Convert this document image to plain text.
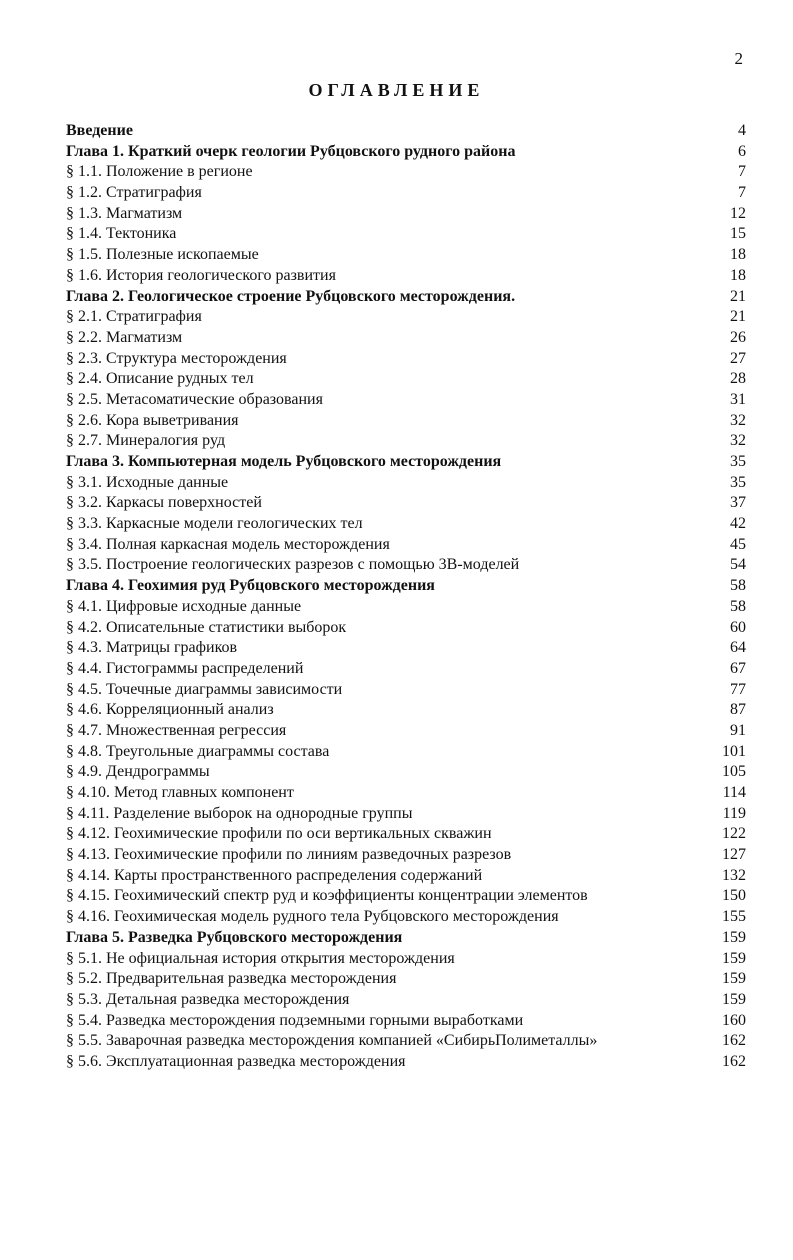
2
ОГЛАВЛЕНИЕ
Введение	4
Глава 1. Краткий очерк геологии Рубцовского рудного района	6
§ 1.1. Положение в регионе	7
§ 1.2. Стратиграфия	7
§ 1.3. Магматизм	12
§ 1.4. Тектоника	15
§ 1.5. Полезные ископаемые	18
§ 1.6. История геологического развития	18
Глава 2. Геологическое строение Рубцовского месторождения.	21
§ 2.1. Стратиграфия	21
§ 2.2. Магматизм	26
§ 2.3. Структура месторождения	27
§ 2.4. Описание рудных тел	28
§ 2.5. Метасоматические образования	31
§ 2.6. Кора выветривания	32
§ 2.7. Минералогия руд	32
Глава 3. Компьютерная модель Рубцовского месторождения	35
§ 3.1. Исходные данные	35
§ 3.2. Каркасы поверхностей	37
§ 3.3. Каркасные модели геологических тел	42
§ 3.4. Полная каркасная модель месторождения	45
§ 3.5. Построение геологических разрезов с помощью 3В-моделей	54
Глава 4. Геохимия руд Рубцовского месторождения	58
§ 4.1. Цифровые исходные данные	58
§ 4.2. Описательные статистики выборок	60
§ 4.3. Матрицы графиков	64
§ 4.4. Гистограммы распределений	67
§ 4.5. Точечные диаграммы зависимости	77
§ 4.6. Корреляционный анализ	87
§ 4.7. Множественная регрессия	91
§ 4.8. Треугольные диаграммы состава	101
§ 4.9. Дендрограммы	105
§ 4.10. Метод главных компонент	114
§ 4.11. Разделение выборок на однородные группы	119
§ 4.12. Геохимические профили по оси вертикальных скважин	122
§ 4.13. Геохимические профили по линиям разведочных разрезов	127
§ 4.14. Карты пространственного распределения содержаний	132
§ 4.15. Геохимический спектр руд и коэффициенты концентрации элементов	150
§ 4.16. Геохимическая модель рудного тела Рубцовского месторождения	155
Глава 5. Разведка Рубцовского месторождения	159
§ 5.1. Не официальная история открытия месторождения	159
§ 5.2. Предварительная разведка месторождения	159
§ 5.3. Детальная разведка месторождения	159
§ 5.4. Разведка месторождения подземными горными выработками	160
§ 5.5. Заварочная разведка месторождения компанией «СибирьПолиметаллы»	162
§ 5.6. Эксплуатационная разведка месторождения	162
